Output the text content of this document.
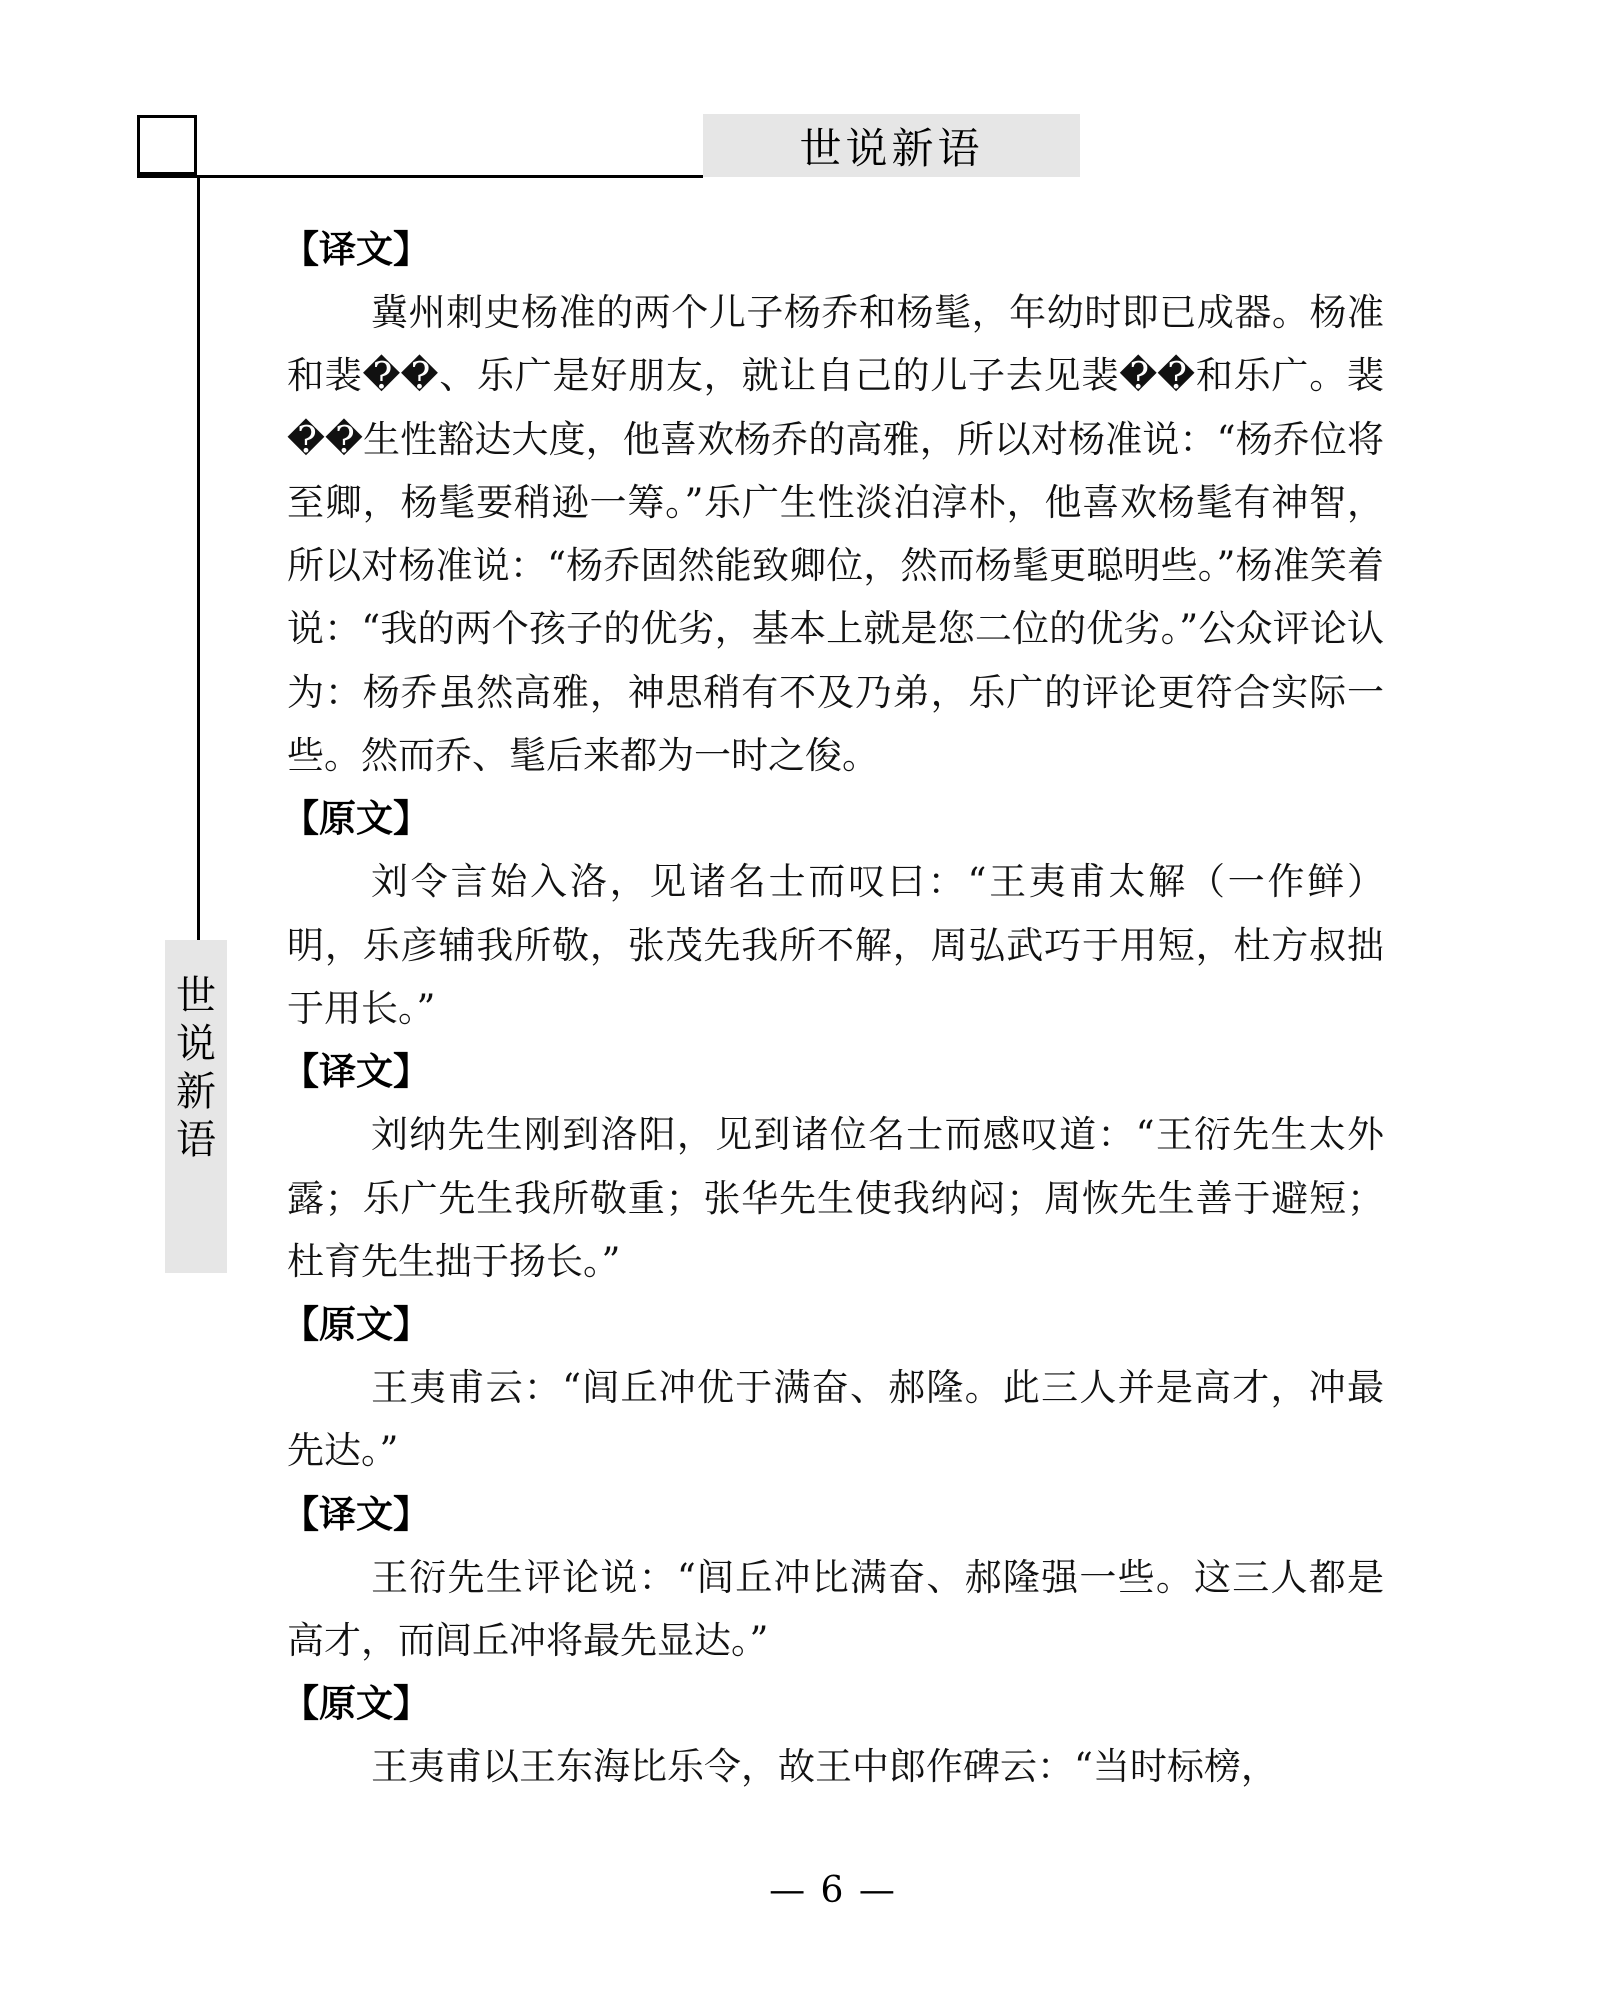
世说新语
世
说
新
语
【译文】

冀州刺史杨准的两个儿子杨乔和杨髦，年幼时即已成器。杨准和裴��、乐广是好朋友，就让自己的儿子去见裴��和乐广。裴��生性豁达大度，他喜欢杨乔的高雅，所以对杨准说：“杨乔位将至卿，杨髦要稍逊一筹。”乐广生性淡泊淳朴，他喜欢杨髦有神智，所以对杨准说：“杨乔固然能致卿位，然而杨髦更聪明些。”杨准笑着说：“我的两个孩子的优劣，基本上就是您二位的优劣。”公众评论认为：杨乔虽然高雅，神思稍有不及乃弟，乐广的评论更符合实际一些。然而乔、髦后来都为一时之俊。

【原文】

刘令言始入洛，见诸名士而叹曰：“王夷甫太解（一作鲜）明，乐彦辅我所敬，张茂先我所不解，周弘武巧于用短，杜方叔拙于用长。”

【译文】

刘纳先生刚到洛阳，见到诸位名士而感叹道：“王衍先生太外露；乐广先生我所敬重；张华先生使我纳闷；周恢先生善于避短；杜育先生拙于扬长。”

【原文】

王夷甫云：“闾丘冲优于满奋、郝隆。此三人并是高才，冲最先达。”

【译文】

王衍先生评论说：“闾丘冲比满奋、郝隆强一些。这三人都是高才，而闾丘冲将最先显达。”

【原文】

王夷甫以王东海比乐令，故王中郎作碑云：“当时标榜，

— 6 —
